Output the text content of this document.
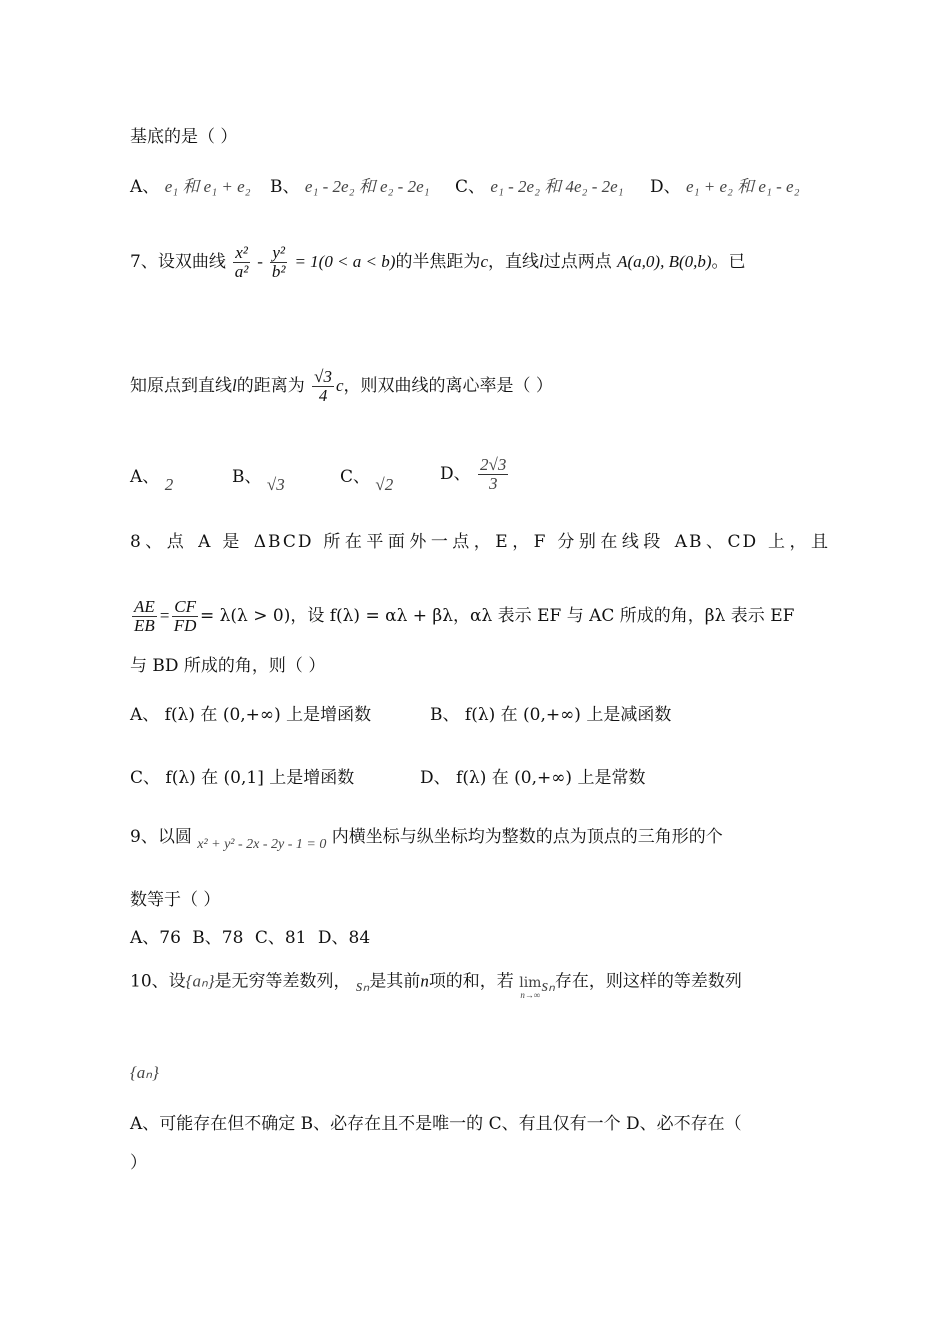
基底的是（ ）
A、 e₁ 和 e₁ + e₂ B、 e₁ - 2e₂ 和 e₂ - 2e₁ C、 e₁ - 2e₂ 和 4e₂ - 2e₁ D、 e₁ + e₂ 和 e₁ - e₂
7、设双曲线 $\frac{\text{x²}}{\text{a²}} - \frac{\text{y²}}{\text{b²}} = 1(0 < a < b)$的半焦距为c，直线l过点两点 A(a,0), B(0,b)。已
知原点到直线l的距离为 $\frac{√3}{4}$ c，则双曲线的离心率是（ ）
A、 2	B、 √3	C、 √2
D、 $\frac{2√3}{3}$
8、点 A 是 ΔBCD 所在平面外一点，E，F 分别在线段 AB、CD 上，且
$\frac{AE}{EB} = \frac{CF}{FD} = \lambda(\lambda > 0)$，设 f(λ) = αλ + βλ，αλ 表示 EF 与 AC 所成的角，βλ 表示 EF
与 BD 所成的角，则（ ）
A、 f(λ) 在 (0,+∞) 上是增函数	B、 f(λ) 在 (0,+∞) 上是减函数
C、 f(λ) 在 (0,1] 上是增函数	D、 f(λ) 在 (0,+∞) 上是常数
9、以圆 $_{x^2 + y^2 - 2x - 2y - 1 = 0}$ 内横坐标与纵坐标均为整数的点为顶点的三角形的个
数等于（ ）
A、76 B、78 C、81 D、84
10、设{aₙ}是无穷等差数列， sₙ是其前n项的和，若 lim
n→∞
sₙ存在，则这样的等差数列
{aₙ}
A、可能存在但不确定 B、必存在且不是唯一的 C、有且仅有一个 D、必不存在（
）
